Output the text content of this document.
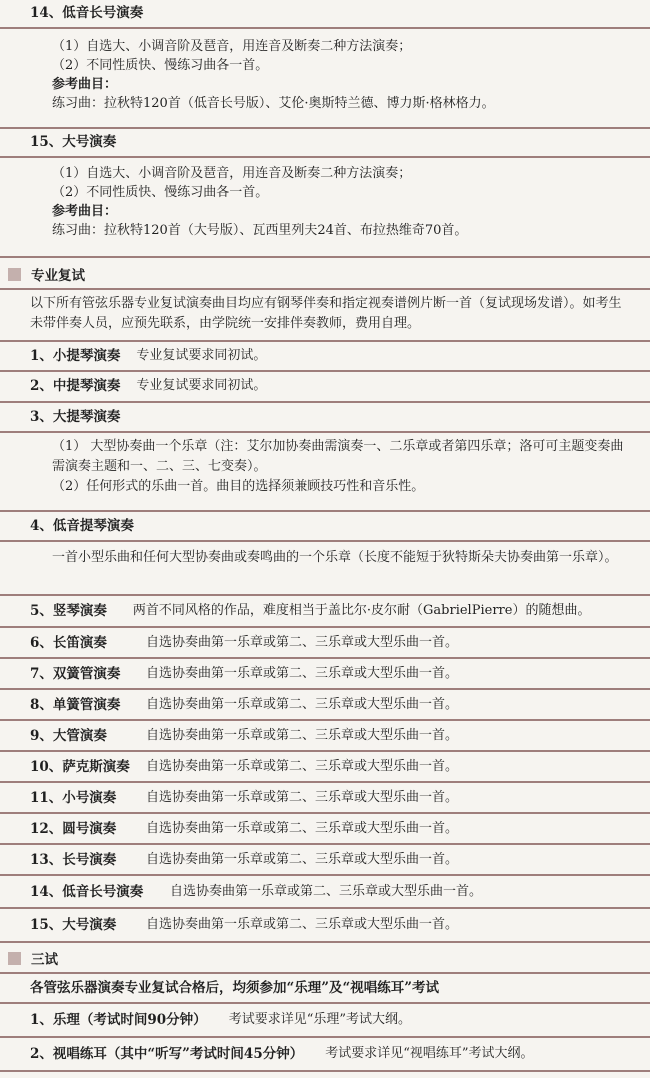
14、低音长号演奏
（1）自选大、小调音阶及琶音，用连音及断奏二种方法演奏；
（2）不同性质快、慢练习曲各一首。
参考曲目：
练习曲：拉秋特120首（低音长号版）、艾伦·奥斯特兰德、博力斯·格林格力。
15、大号演奏
（1）自选大、小调音阶及琶音，用连音及断奏二种方法演奏；
（2）不同性质快、慢练习曲各一首。
参考曲目：
练习曲：拉秋特120首（大号版）、瓦西里列夫24首、布拉热维奇70首。
专业复试
以下所有管弦乐器专业复试演奏曲目均应有钢琴伴奏和指定视奏谱例片断一首（复试现场发谱）。如考生未带伴奏人员，应预先联系，由学院统一安排伴奏教师，费用自理。
1、小提琴演奏 专业复试要求同初试。
2、中提琴演奏 专业复试要求同初试。
3、大提琴演奏
（1） 大型协奏曲一个乐章（注：艾尔加协奏曲需演奏一、二乐章或者第四乐章；洛可可主题变奏曲需演奏主题和一、二、三、七变奏）。
（2）任何形式的乐曲一首。曲目的选择须兼顾技巧性和音乐性。
4、低音提琴演奏
一首小型乐曲和任何大型协奏曲或奏鸣曲的一个乐章（长度不能短于狄特斯朵夫协奏曲第一乐章）。
5、竖琴演奏 两首不同风格的作品，难度相当于盖比尔·皮尔耐（GabrielPierre）的随想曲。
6、长笛演奏	自选协奏曲第一乐章或第二、三乐章或大型乐曲一首。
7、双簧管演奏	自选协奏曲第一乐章或第二、三乐章或大型乐曲一首。
8、单簧管演奏	自选协奏曲第一乐章或第二、三乐章或大型乐曲一首。
9、大管演奏	自选协奏曲第一乐章或第二、三乐章或大型乐曲一首。
10、萨克斯演奏 自选协奏曲第一乐章或第二、三乐章或大型乐曲一首。
11、小号演奏	自选协奏曲第一乐章或第二、三乐章或大型乐曲一首。
12、圆号演奏	自选协奏曲第一乐章或第二、三乐章或大型乐曲一首。
13、长号演奏	自选协奏曲第一乐章或第二、三乐章或大型乐曲一首。
14、低音长号演奏	自选协奏曲第一乐章或第二、三乐章或大型乐曲一首。
15、大号演奏	自选协奏曲第一乐章或第二、三乐章或大型乐曲一首。
三试
各管弦乐器演奏专业复试合格后，均须参加“乐理”及“视唱练耳”考试
1、乐理（考试时间90分钟） 考试要求详见“乐理”考试大纲。
2、视唱练耳（其中“听写”考试时间45分钟） 考试要求详见“视唱练耳”考试大纲。
